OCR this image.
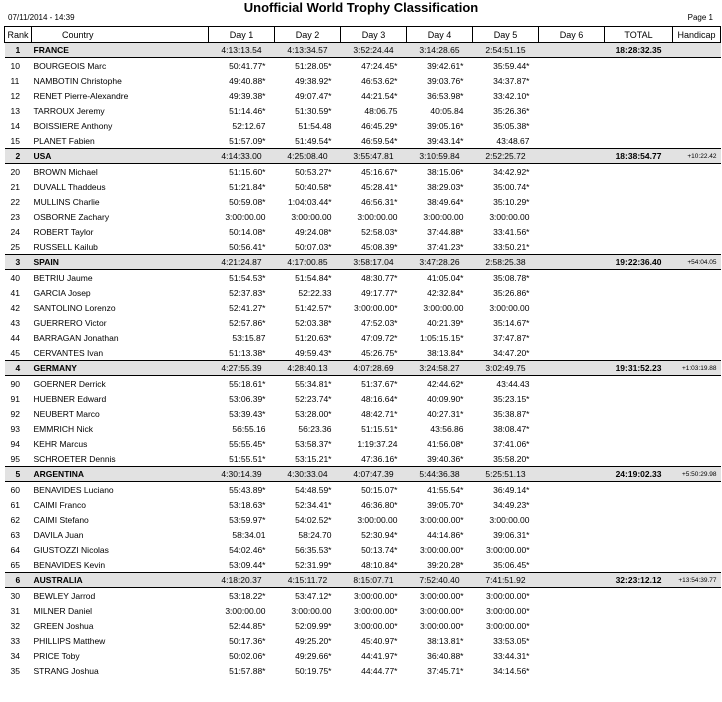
Unofficial World Trophy Classification
07/11/2014 - 14:39	Page 1
Rank	Country	Day 1	Day 2	Day 3	Day 4	Day 5	Day 6	TOTAL	Handicap
1	FRANCE	4:13:13.54	4:13:34.57	3:52:24.44	3:14:28.65	2:54:51.15		18:28:32.35	
10	BOURGEOIS Marc	50:41.77*	51:28.05*	47:24.45*	39:42.61*	35:59.44*			
11	NAMBOTIN Christophe	49:40.88*	49:38.92*	46:53.62*	39:03.76*	34:37.87*			
12	RENET Pierre-Alexandre	49:39.38*	49:07.47*	44:21.54*	36:53.98*	33:42.10*			
13	TARROUX Jeremy	51:14.46*	51:30.59*	48:06.75	40:05.84	35:26.36*			
14	BOISSIERE Anthony	52:12.67	51:54.48	46:45.29*	39:05.16*	35:05.38*			
15	PLANET Fabien	51:57.09*	51:49.54*	46:59.54*	39:43.14*	43:48.67			
2	USA	4:14:33.00	4:25:08.40	3:55:47.81	3:10:59.84	2:52:25.72		18:38:54.77	+10:22.42
20	BROWN Michael	51:15.60*	50:53.27*	45:16.67*	38:15.06*	34:42.92*			
21	DUVALL Thaddeus	51:21.84*	50:40.58*	45:28.41*	38:29.03*	35:00.74*			
22	MULLINS Charlie	50:59.08*	1:04:03.44*	46:56.31*	38:49.64*	35:10.29*			
23	OSBORNE Zachary	3:00:00.00	3:00:00.00	3:00:00.00	3:00:00.00	3:00:00.00			
24	ROBERT Taylor	50:14.08*	49:24.08*	52:58.03*	37:44.88*	33:41.56*			
25	RUSSELL Kailub	50:56.41*	50:07.03*	45:08.39*	37:41.23*	33:50.21*			
3	SPAIN	4:21:24.87	4:17:00.85	3:58:17.04	3:47:28.26	2:58:25.38		19:22:36.40	+54:04.05
40	BETRIU Jaume	51:54.53*	51:54.84*	48:30.77*	41:05.04*	35:08.78*			
41	GARCIA Josep	52:37.83*	52:22.33	49:17.77*	42:32.84*	35:26.86*			
42	SANTOLINO Lorenzo	52:41.27*	51:42.57*	3:00:00.00*	3:00:00.00	3:00:00.00			
43	GUERRERO Victor	52:57.86*	52:03.38*	47:52.03*	40:21.39*	35:14.67*			
44	BARRAGAN Jonathan	53:15.87	51:20.63*	47:09.72*	1:05:15.15*	37:47.87*			
45	CERVANTES Ivan	51:13.38*	49:59.43*	45:26.75*	38:13.84*	34:47.20*			
4	GERMANY	4:27:55.39	4:28:40.13	4:07:28.69	3:24:58.27	3:02:49.75		19:31:52.23	+1:03:19.88
90	GOERNER Derrick	55:18.61*	55:34.81*	51:37.67*	42:44.62*	43:44.43			
91	HUEBNER Edward	53:06.39*	52:23.74*	48:16.64*	40:09.90*	35:23.15*			
92	NEUBERT Marco	53:39.43*	53:28.00*	48:42.71*	40:27.31*	35:38.87*			
93	EMMRICH Nick	56:55.16	56:23.36	51:15.51*	43:56.86	38:08.47*			
94	KEHR Marcus	55:55.45*	53:58.37*	1:19:37.24	41:56.08*	37:41.06*			
95	SCHROETER Dennis	51:55.51*	53:15.21*	47:36.16*	39:40.36*	35:58.20*			
5	ARGENTINA	4:30:14.39	4:30:33.04	4:07:47.39	5:44:36.38	5:25:51.13		24:19:02.33	+5:50:29.98
60	BENAVIDES Luciano	55:43.89*	54:48.59*	50:15.07*	41:55.54*	36:49.14*			
61	CAIMI Franco	53:18.63*	52:34.41*	46:36.80*	39:05.70*	34:49.23*			
62	CAIMI Stefano	53:59.97*	54:02.52*	3:00:00.00	3:00:00.00*	3:00:00.00			
63	DAVILA Juan	58:34.01	58:24.70	52:30.94*	44:14.86*	39:06.31*			
64	GIUSTOZZI Nicolas	54:02.46*	56:35.53*	50:13.74*	3:00:00.00*	3:00:00.00*			
65	BENAVIDES Kevin	53:09.44*	52:31.99*	48:10.84*	39:20.28*	35:06.45*			
6	AUSTRALIA	4:18:20.37	4:15:11.72	8:15:07.71	7:52:40.40	7:41:51.92		32:23:12.12	+13:54:39.77
30	BEWLEY Jarrod	53:18.22*	53:47.12*	3:00:00.00*	3:00:00.00*	3:00:00.00*			
31	MILNER Daniel	3:00:00.00	3:00:00.00	3:00:00.00*	3:00:00.00*	3:00:00.00*			
32	GREEN Joshua	52:44.85*	52:09.99*	3:00:00.00*	3:00:00.00*	3:00:00.00*			
33	PHILLIPS Matthew	50:17.36*	49:25.20*	45:40.97*	38:13.81*	33:53.05*			
34	PRICE Toby	50:02.06*	49:29.66*	44:41.97*	36:40.88*	33:44.31*			
35	STRANG Joshua	51:57.88*	50:19.75*	44:44.77*	37:45.71*	34:14.56*			
